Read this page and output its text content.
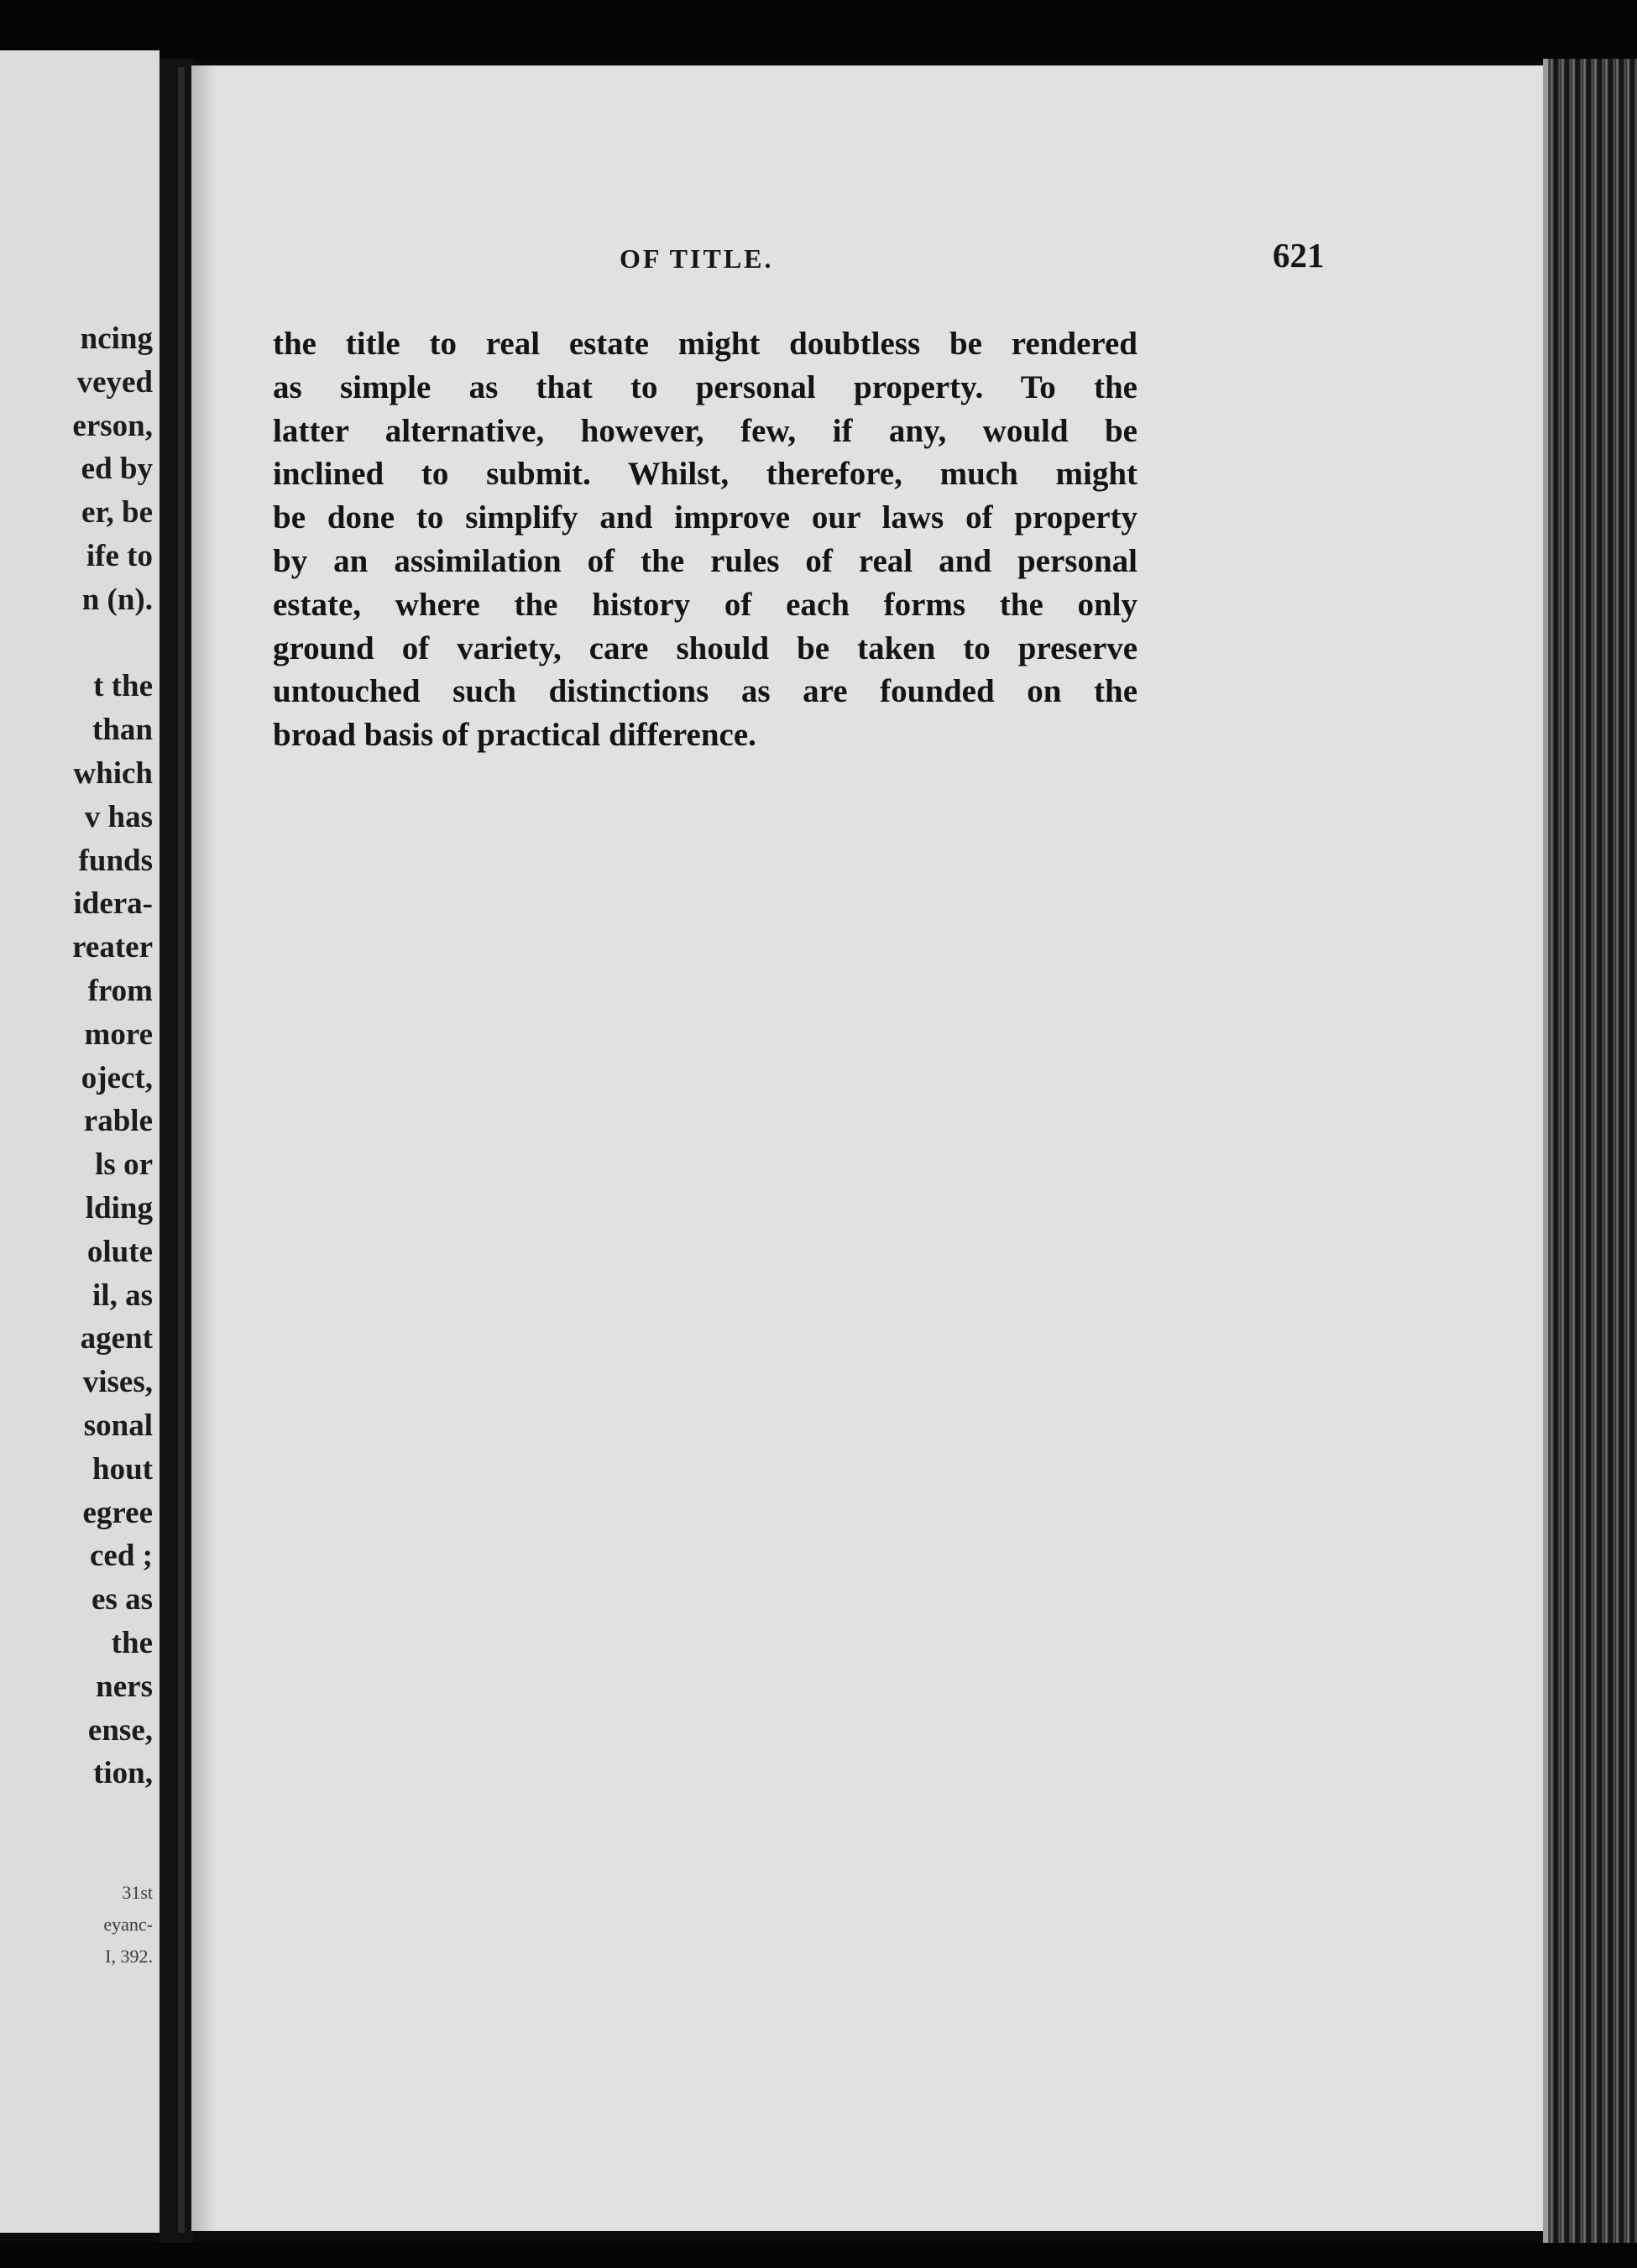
ncing
veyed
erson,
ed by
er, be
ife to
n (n).

t the
than
which
v has
funds
idera-
reater
from
more
oject,
rable
ls or
lding
olute
il, as
agent
vises,
sonal
hout
egree
ced ;
es as
the
ners
ense,
tion,
31st
eyanc-
I, 392.
OF TITLE.	621
the title to real estate might doubtless be rendered
as simple as that to personal property. To the
latter alternative, however, few, if any, would be
inclined to submit. Whilst, therefore, much might
be done to simplify and improve our laws of property
by an assimilation of the rules of real and personal
estate, where the history of each forms the only
ground of variety, care should be taken to preserve
untouched such distinctions as are founded on the
broad basis of practical difference.
